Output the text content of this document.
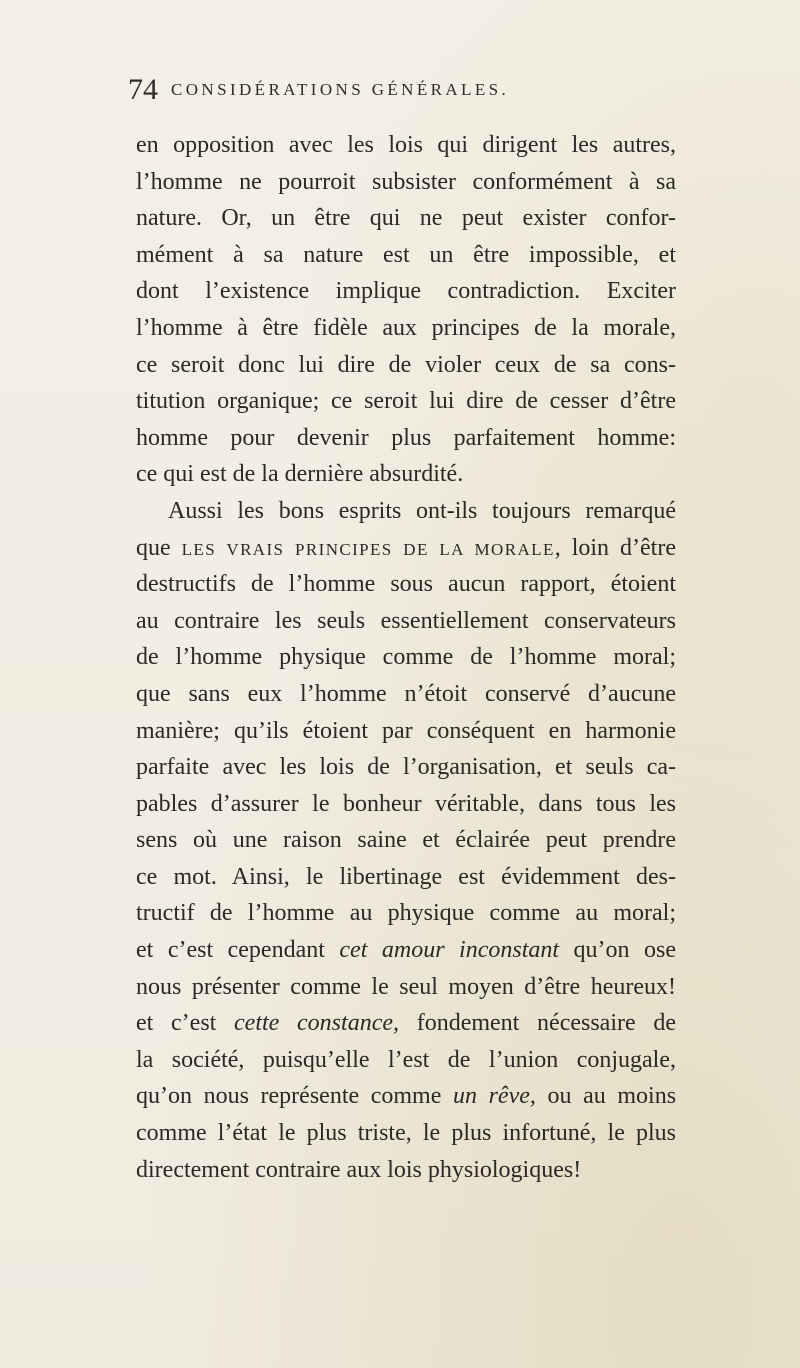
74 CONSIDÉRATIONS GÉNÉRALES.
en opposition avec les lois qui dirigent les autres,
l’homme ne pourroit subsister conformément à sa
nature. Or, un être qui ne peut exister confor-
mément à sa nature est un être impossible, et
dont l’existence implique contradiction. Exciter
l’homme à être fidèle aux principes de la morale,
ce seroit donc lui dire de violer ceux de sa cons-
titution organique; ce seroit lui dire de cesser d’être
homme pour devenir plus parfaitement homme:
ce qui est de la dernière absurdité.
Aussi les bons esprits ont-ils toujours remarqué
que LES VRAIS PRINCIPES DE LA MORALE, loin d’être
destructifs de l’homme sous aucun rapport, étoient
au contraire les seuls essentiellement conservateurs
de l’homme physique comme de l’homme moral;
que sans eux l’homme n’étoit conservé d’aucune
manière; qu’ils étoient par conséquent en harmonie
parfaite avec les lois de l’organisation, et seuls ca-
pables d’assurer le bonheur véritable, dans tous les
sens où une raison saine et éclairée peut prendre
ce mot. Ainsi, le libertinage est évidemment des-
tructif de l’homme au physique comme au moral;
et c’est cependant cet amour inconstant qu’on ose
nous présenter comme le seul moyen d’être heureux!
et c’est cette constance, fondement nécessaire de
la société, puisqu’elle l’est de l’union conjugale,
qu’on nous représente comme un rêve, ou au moins
comme l’état le plus triste, le plus infortuné, le plus
directement contraire aux lois physiologiques!
